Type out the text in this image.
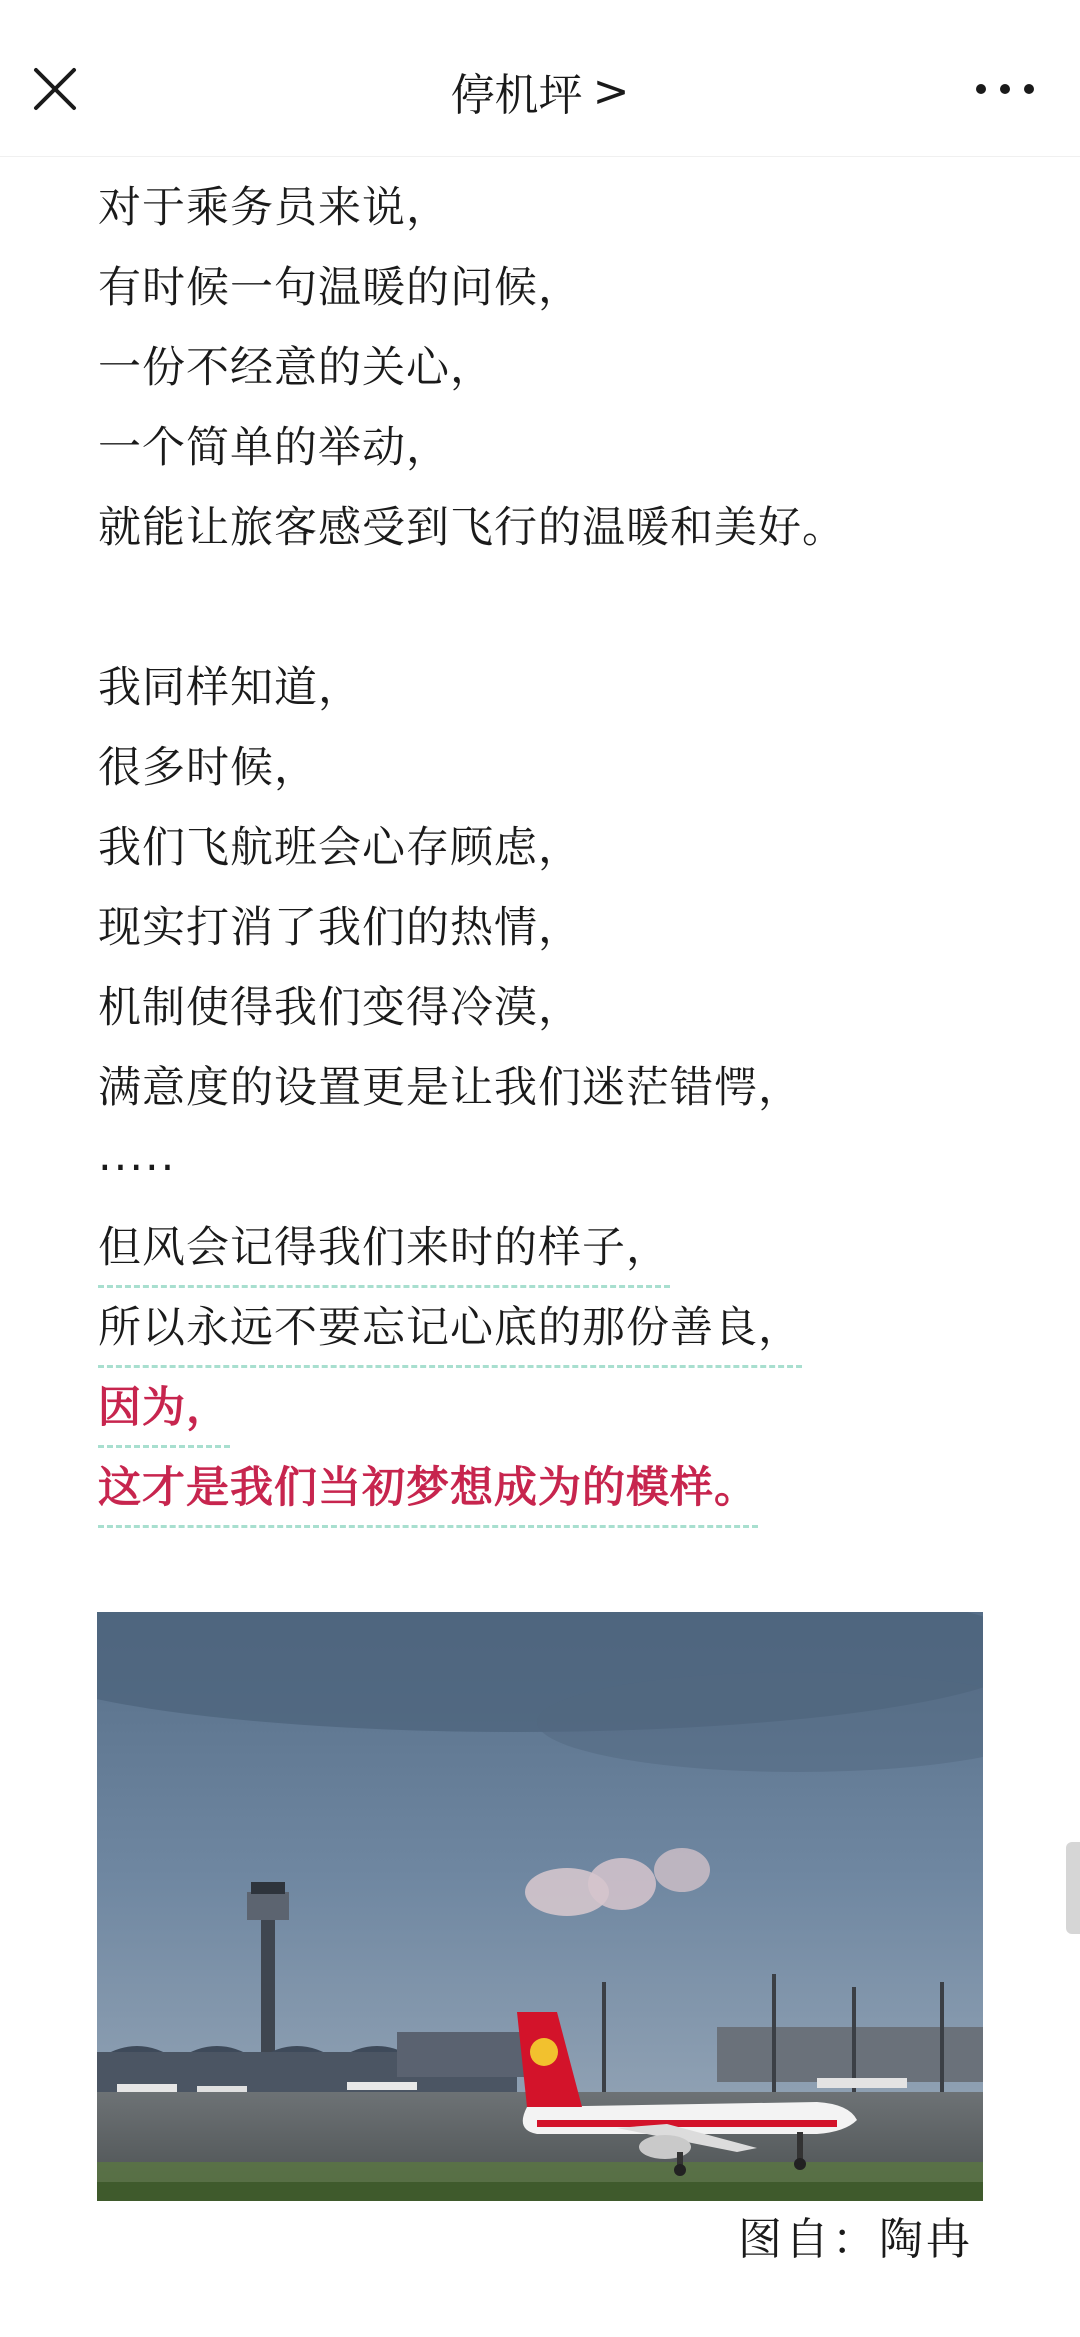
停机坪 >
对于乘务员来说，
有时候一句温暖的问候，
一份不经意的关心，
一个简单的举动，
就能让旅客感受到飞行的温暖和美好。
我同样知道，
很多时候，
我们飞航班会心存顾虑，
现实打消了我们的热情，
机制使得我们变得冷漠，
满意度的设置更是让我们迷茫错愕，
·····
但风会记得我们来时的样子，
所以永远不要忘记心底的那份善良，
因为，
这才是我们当初梦想成为的模样。
图自：陶冉
